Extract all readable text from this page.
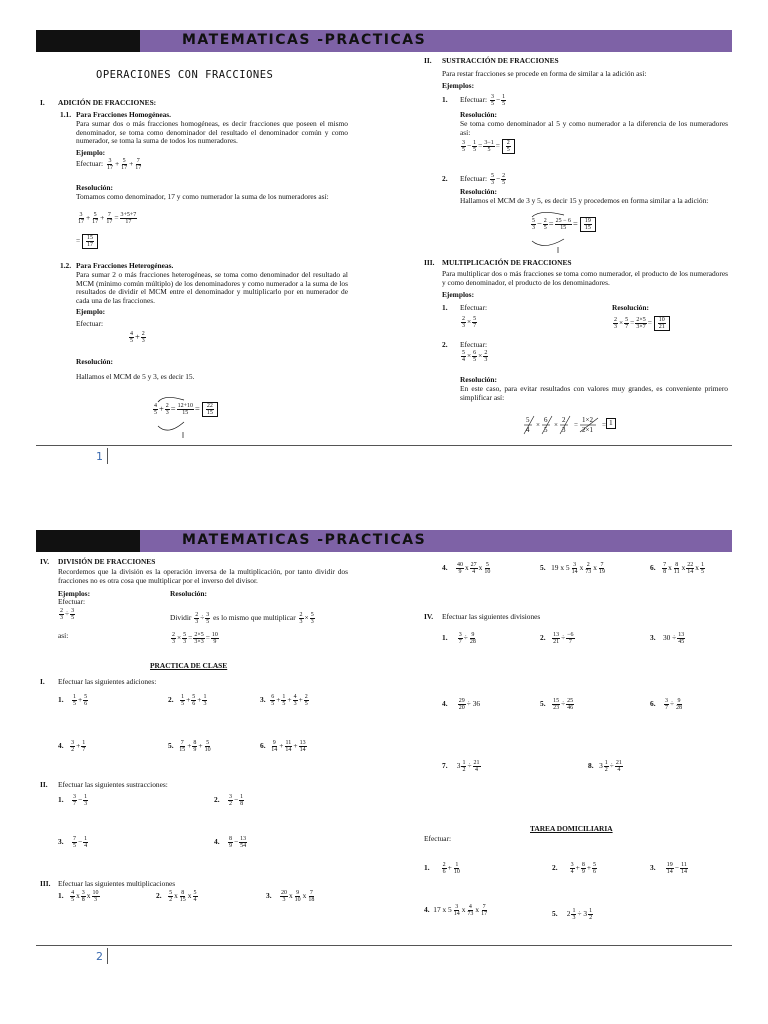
MATEMATICAS -PRACTICAS
OPERACIONES CON FRACCIONES
I. ADICIÓN DE FRACCIONES:
1.1. Para Fracciones Homogéneas.
Para sumar dos o más fracciones homogéneas, es decir fracciones que poseen el mismo denominador, se toma como denominador del resultado el denominador común y como numerador, se toma la suma de todos los numeradores.
Ejemplo:
Efectuar: $\frac{3}{17} + \frac{5}{17} + \frac{7}{17}$
Resolución:
Tomamos como denominador, 17 y como numerador la suma de los numeradores así:
$\frac{3}{17} + \frac{5}{17} + \frac{7}{17} = \frac{3+5+7}{17}$
= $\frac{15}{17}$
1.2. Para Fracciones Heterogéneas.
Para sumar 2 o más fracciones heterogéneas, se toma como denominador del resultado al MCM (mínimo común múltiplo) de los denominadores y como numerador a la suma de los resultados de dividir el MCM entre el denominador y multiplicarlo por en numerador de cada una de las fracciones.
Ejemplo:
Efectuar:
$\frac{4}{5} + \frac{2}{3}$
Resolución:
Hallamos el MCM de 5 y 3, es decir 15.
$\frac{4}{5} + \frac{2}{3} = \frac{12+10}{15} = \frac{22}{15}$
II. SUSTRACCIÓN DE FRACCIONES
Para restar fracciones se procede en forma de similar a la adición así:
Ejemplos:
1. Efectuar: $\frac{3}{5} - \frac{1}{5}$
Resolución:
Se toma como denominador al 5 y como numerador a la diferencia de los numeradores así:
$\frac{3}{5} - \frac{1}{5} = \frac{3-1}{5} = \frac{2}{5}$
2. Efectuar: $\frac{5}{3} - \frac{2}{5}$
Resolución:
Hallamos el MCM de 3 y 5, es decir 15 y procedemos en forma similar a la adición:
$\frac{5}{3} - \frac{2}{5} = \frac{25 - 6}{15} = \frac{19}{15}$
III. MULTIPLICACIÓN DE FRACCIONES
Para multiplicar dos o más fracciones se toma como numerador, el producto de los numeradores y como denominador, el producto de los denominadores.
Ejemplos:
1. Efectuar:
$\frac{2}{3} \times \frac{5}{7}$
Resolución:
$\frac{2}{3} \times \frac{5}{7} = \frac{2\times 5}{3\times 7} = \frac{10}{21}$
2. Efectuar:
$\frac{5}{4} \times \frac{6}{5} \times \frac{2}{3}$
Resolución:
En este caso, para evitar resultados con valores muy grandes, es conveniente primero simplificar así:
5
4
×
6
5
×
2
3
=
1×2
2×1
= 1
1
MATEMATICAS -PRACTICAS
IV. DIVISIÓN DE FRACCIONES
Recordemos que la división es la operación inversa de la multiplicación, por tanto dividir dos fracciones no es otra cosa que multiplicar por el inverso del divisor.
Ejemplos:
Efectuar:
$\frac{2}{3} \div \frac{3}{5}$
así:
Resolución:
Dividir $\frac{2}{3} \div \frac{3}{5}$ es lo mismo que multiplicar $\frac{2}{3} \times \frac{5}{3}$
$\frac{2}{3} \times \frac{5}{3} = \frac{2\times 5}{3\times 3} = \frac{10}{9}$
PRACTICA DE CLASE
I. Efectuar las siguientes adiciones:
1. $\frac{1}{5} + \frac{5}{6}$	2. $\frac{1}{5} + \frac{5}{6} + \frac{1}{3}$	3. $\frac{6}{5} + \frac{1}{5} + \frac{4}{3} + \frac{2}{5}$
4. $\frac{3}{2} + \frac{1}{7}$	5. $\frac{7}{15} + \frac{8}{9} + \frac{5}{10}$	6. $\frac{9}{14} + \frac{11}{14} + \frac{13}{14}$
II. Efectuar las siguientes sustracciones:
1. $\frac{3}{7} - \frac{1}{3}$	2. $\frac{3}{2} - \frac{1}{8}$
3. $\frac{7}{5} - \frac{1}{4}$	4. $\frac{8}{9} - \frac{13}{54}$
III. Efectuar las siguientes multiplicaciones
1. $\frac{4}{5}$ x $\frac{3}{8}$ x $\frac{10}{3}$	2. $\frac{5}{2}$ x $\frac{8}{15}$ x $\frac{5}{4}$	3. $\frac{20}{3}$ x $\frac{9}{10}$ x $\frac{7}{18}$
4. $\frac{40}{9}$ x $\frac{27}{4}$ x $\frac{5}{10}$	5.   19 x $5 \frac{3}{14}$ x $\frac{2}{73}$ x $\frac{7}{19}$	6. $\frac{7}{8}$ x $\frac{8}{11}$ x $\frac{22}{14}$ x $\frac{1}{5}$
IV. Efectuar las siguientes divisiones
1. $\frac{3}{7} \div \frac{9}{28}$	2. $\frac{13}{21} \div \frac{-6}{7}$	3.    $30 \div \frac{13}{45}$
4. $\frac{29}{20} \div 36$	5. $\frac{15}{23} \div \frac{25}{46}$	6. $\frac{3}{7} \div \frac{9}{28}$
7.     $3 \frac{1}{2} \div \frac{21}{4}$	8.   $3 \frac{1}{2} \div \frac{21}{4}$
TAREA DOMICILIARIA
Efectuar:
1. $\frac{2}{6} + \frac{1}{10}$	2. $\frac{3}{4} + \frac{8}{9} + \frac{5}{6}$	3. $\frac{19}{14} - \frac{11}{14}$
4.  17 x $5 \frac{3}{14}$ x $\frac{4}{73}$ x $\frac{7}{17}$	5.     $2 \frac{1}{3} \div 3 \frac{1}{2}$
2
